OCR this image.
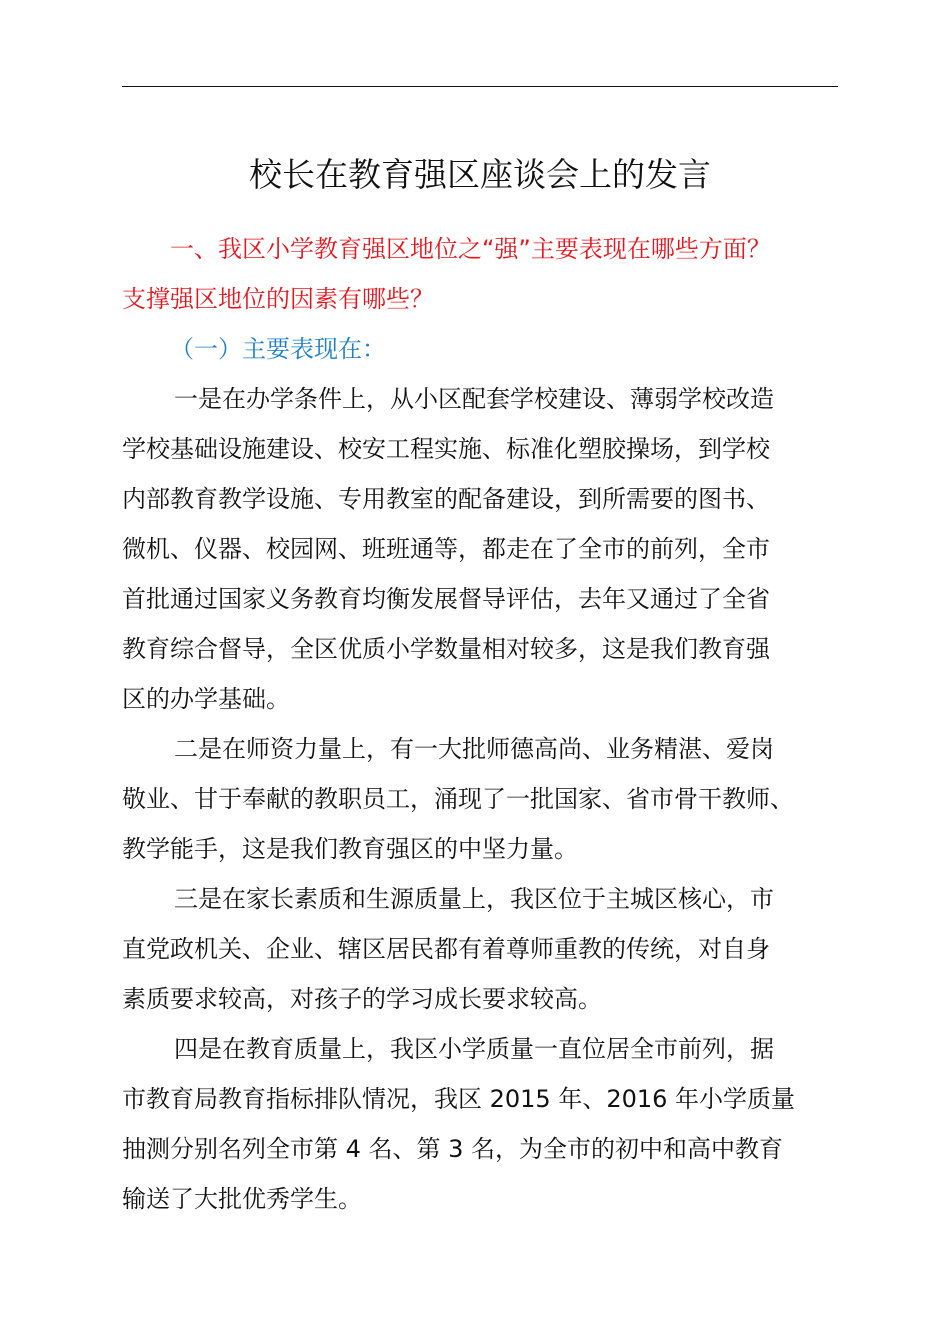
校长在教育强区座谈会上的发言

一、我区小学教育强区地位之“强”主要表现在哪些方面？
支撑强区地位的因素有哪些？

（一）主要表现在：

一是在办学条件上，从小区配套学校建设、薄弱学校改造
学校基础设施建设、校安工程实施、标准化塑胶操场，到学校
内部教育教学设施、专用教室的配备建设，到所需要的图书、
微机、仪器、校园网、班班通等，都走在了全市的前列，全市
首批通过国家义务教育均衡发展督导评估，去年又通过了全省
教育综合督导，全区优质小学数量相对较多，这是我们教育强
区的办学基础。

二是在师资力量上，有一大批师德高尚、业务精湛、爱岗
敬业、甘于奉献的教职员工，涌现了一批国家、省市骨干教师、
教学能手，这是我们教育强区的中坚力量。

三是在家长素质和生源质量上，我区位于主城区核心，市
直党政机关、企业、辖区居民都有着尊师重教的传统，对自身
素质要求较高，对孩子的学习成长要求较高。

四是在教育质量上，我区小学质量一直位居全市前列，据
市教育局教育指标排队情况，我区 2015 年、2016 年小学质量
抽测分别名列全市第 4 名、第 3 名，为全市的初中和高中教育
输送了大批优秀学生。
